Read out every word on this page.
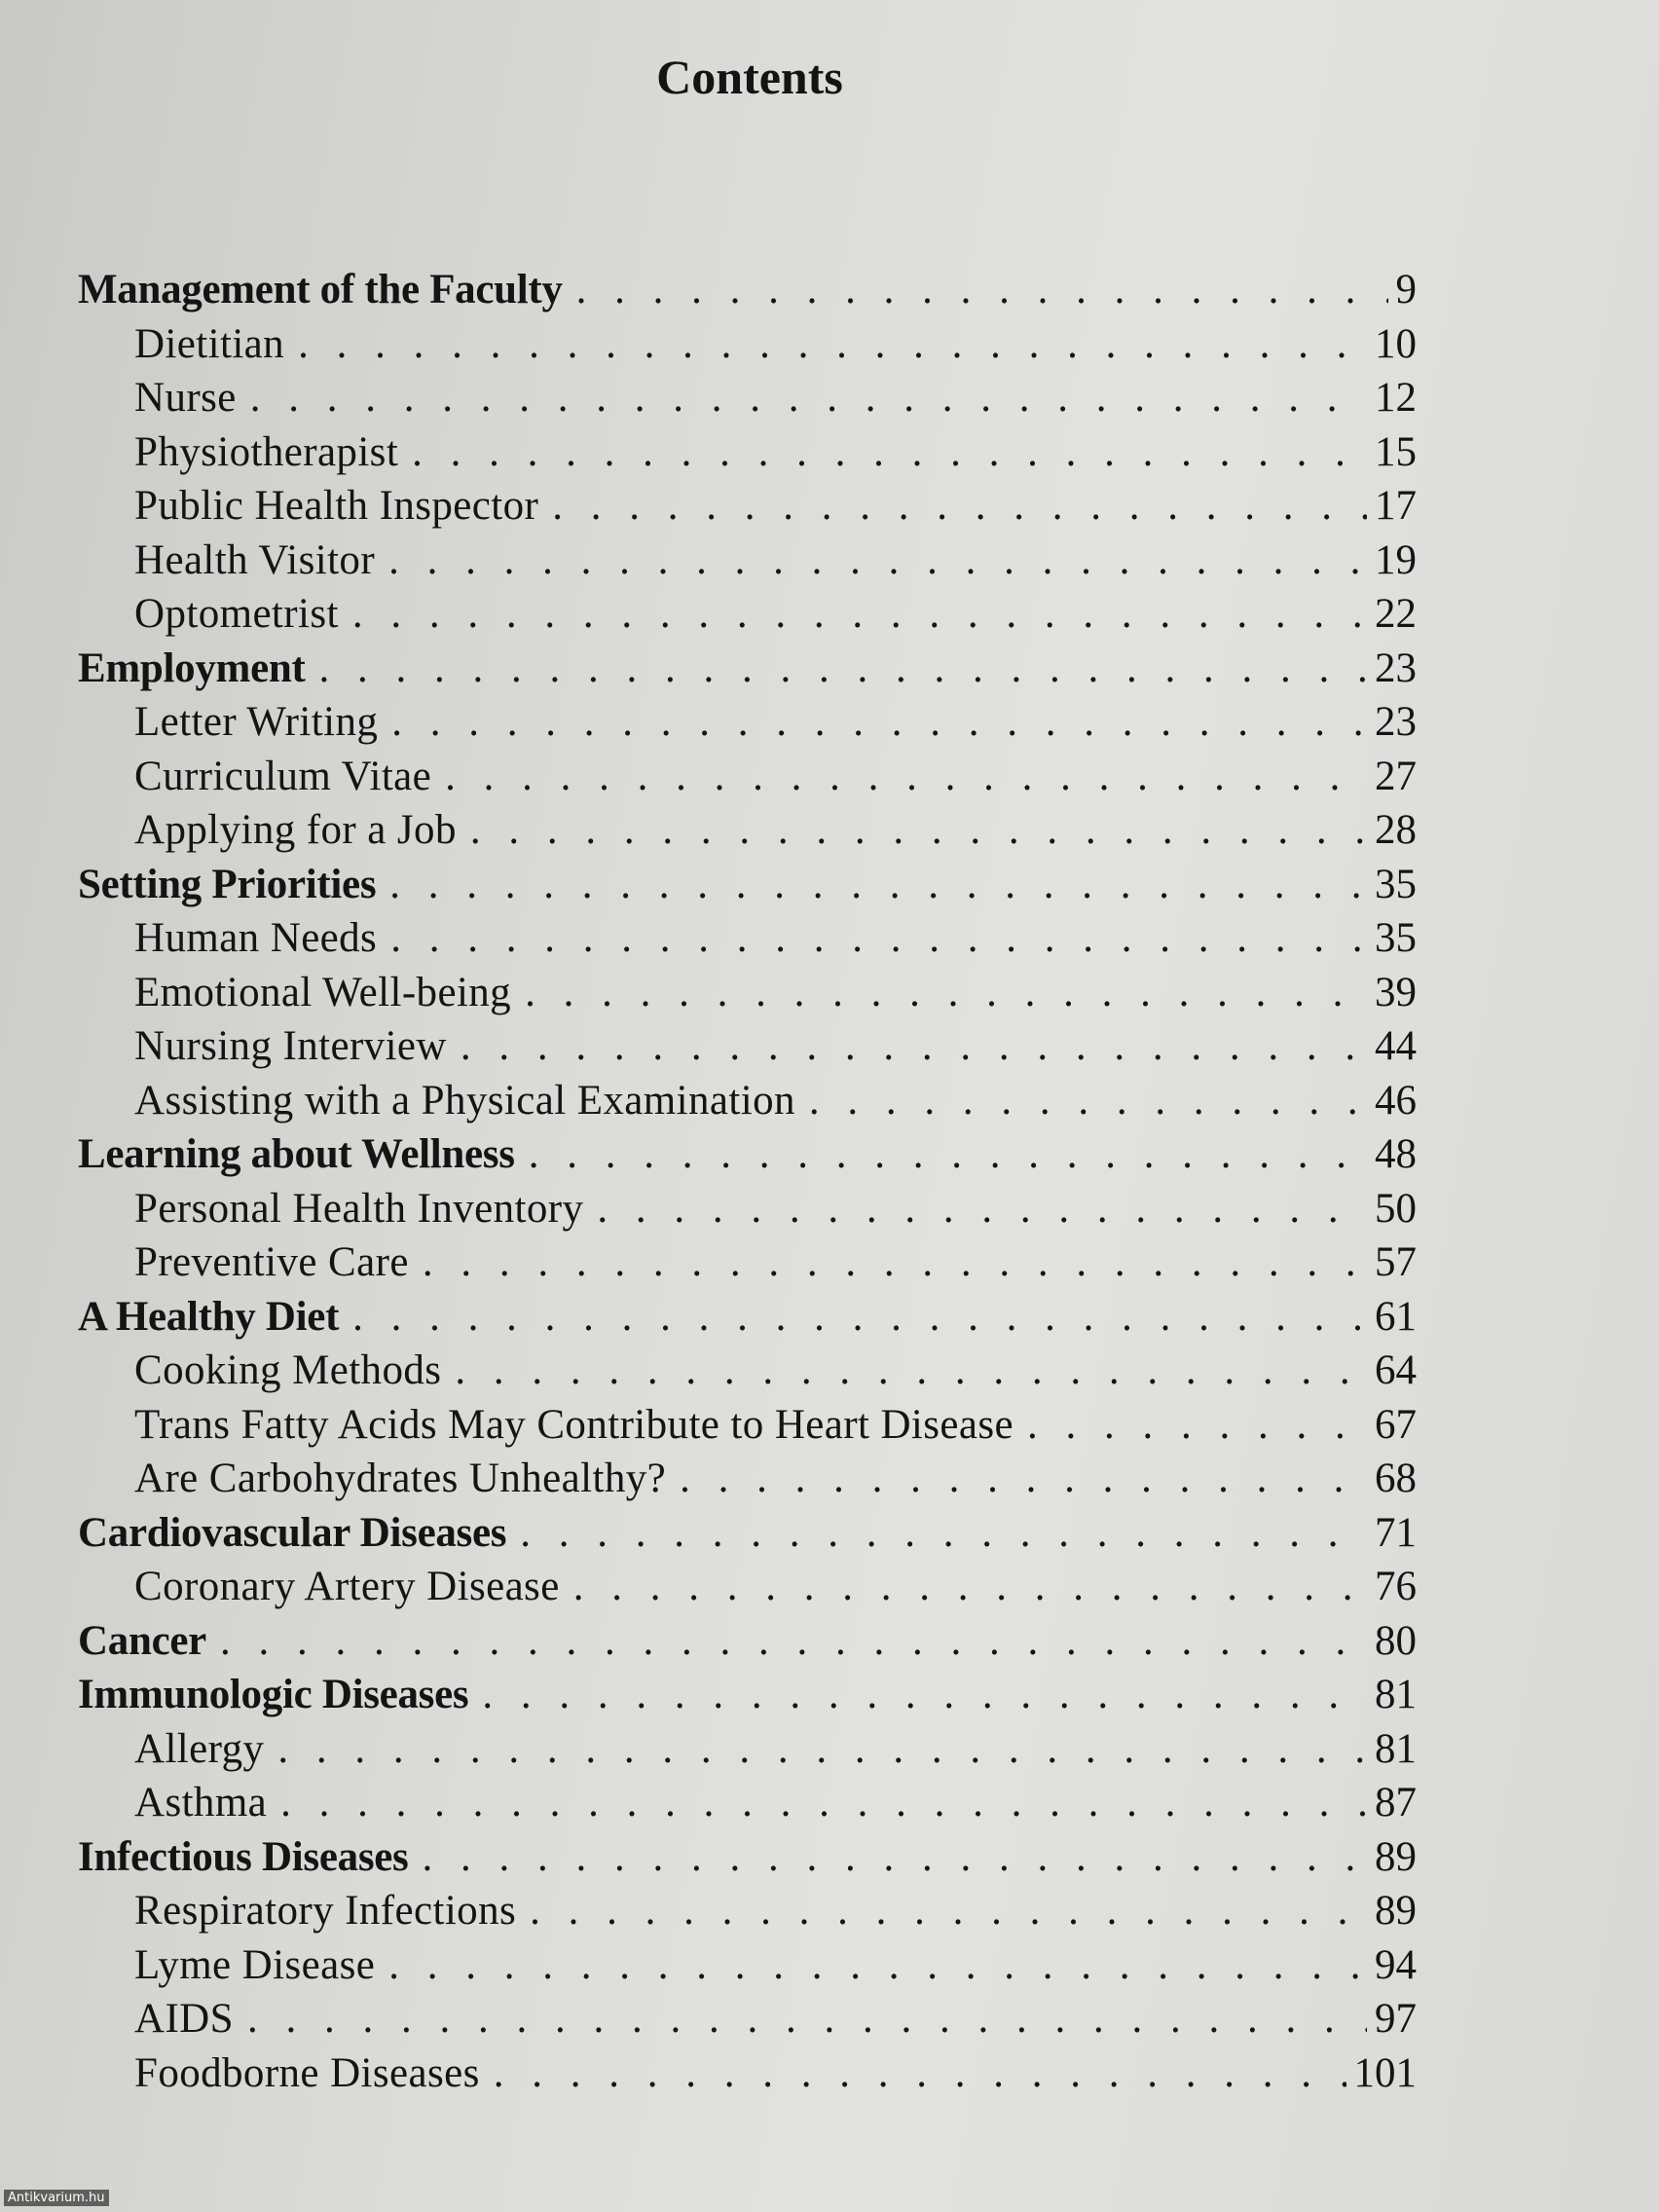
Contents
Management of the Faculty . . .	9
Dietitian . . .	10
Nurse . . .	12
Physiotherapist . . .	15
Public Health Inspector . . .	17
Health Visitor . . .	19
Optometrist . . .	22
Employment . . .	23
Letter Writing . . .	23
Curriculum Vitae . . .	27
Applying for a Job . . .	28
Setting Priorities . . .	35
Human Needs . . .	35
Emotional Well-being . . .	39
Nursing Interview . . .	44
Assisting with a Physical Examination . . .	46
Learning about Wellness . . .	48
Personal Health Inventory . . .	50
Preventive Care . . .	57
A Healthy Diet . . .	61
Cooking Methods . . .	64
Trans Fatty Acids May Contribute to Heart Disease . . .	67
Are Carbohydrates Unhealthy? . . .	68
Cardiovascular Diseases . . .	71
Coronary Artery Disease . . .	76
Cancer . . .	80
Immunologic Diseases . . .	81
Allergy . . .	81
Asthma . . .	87
Infectious Diseases . . .	89
Respiratory Infections . . .	89
Lyme Disease . . .	94
AIDS . . .	97
Foodborne Diseases . . .	101
Antikvarium.hu
